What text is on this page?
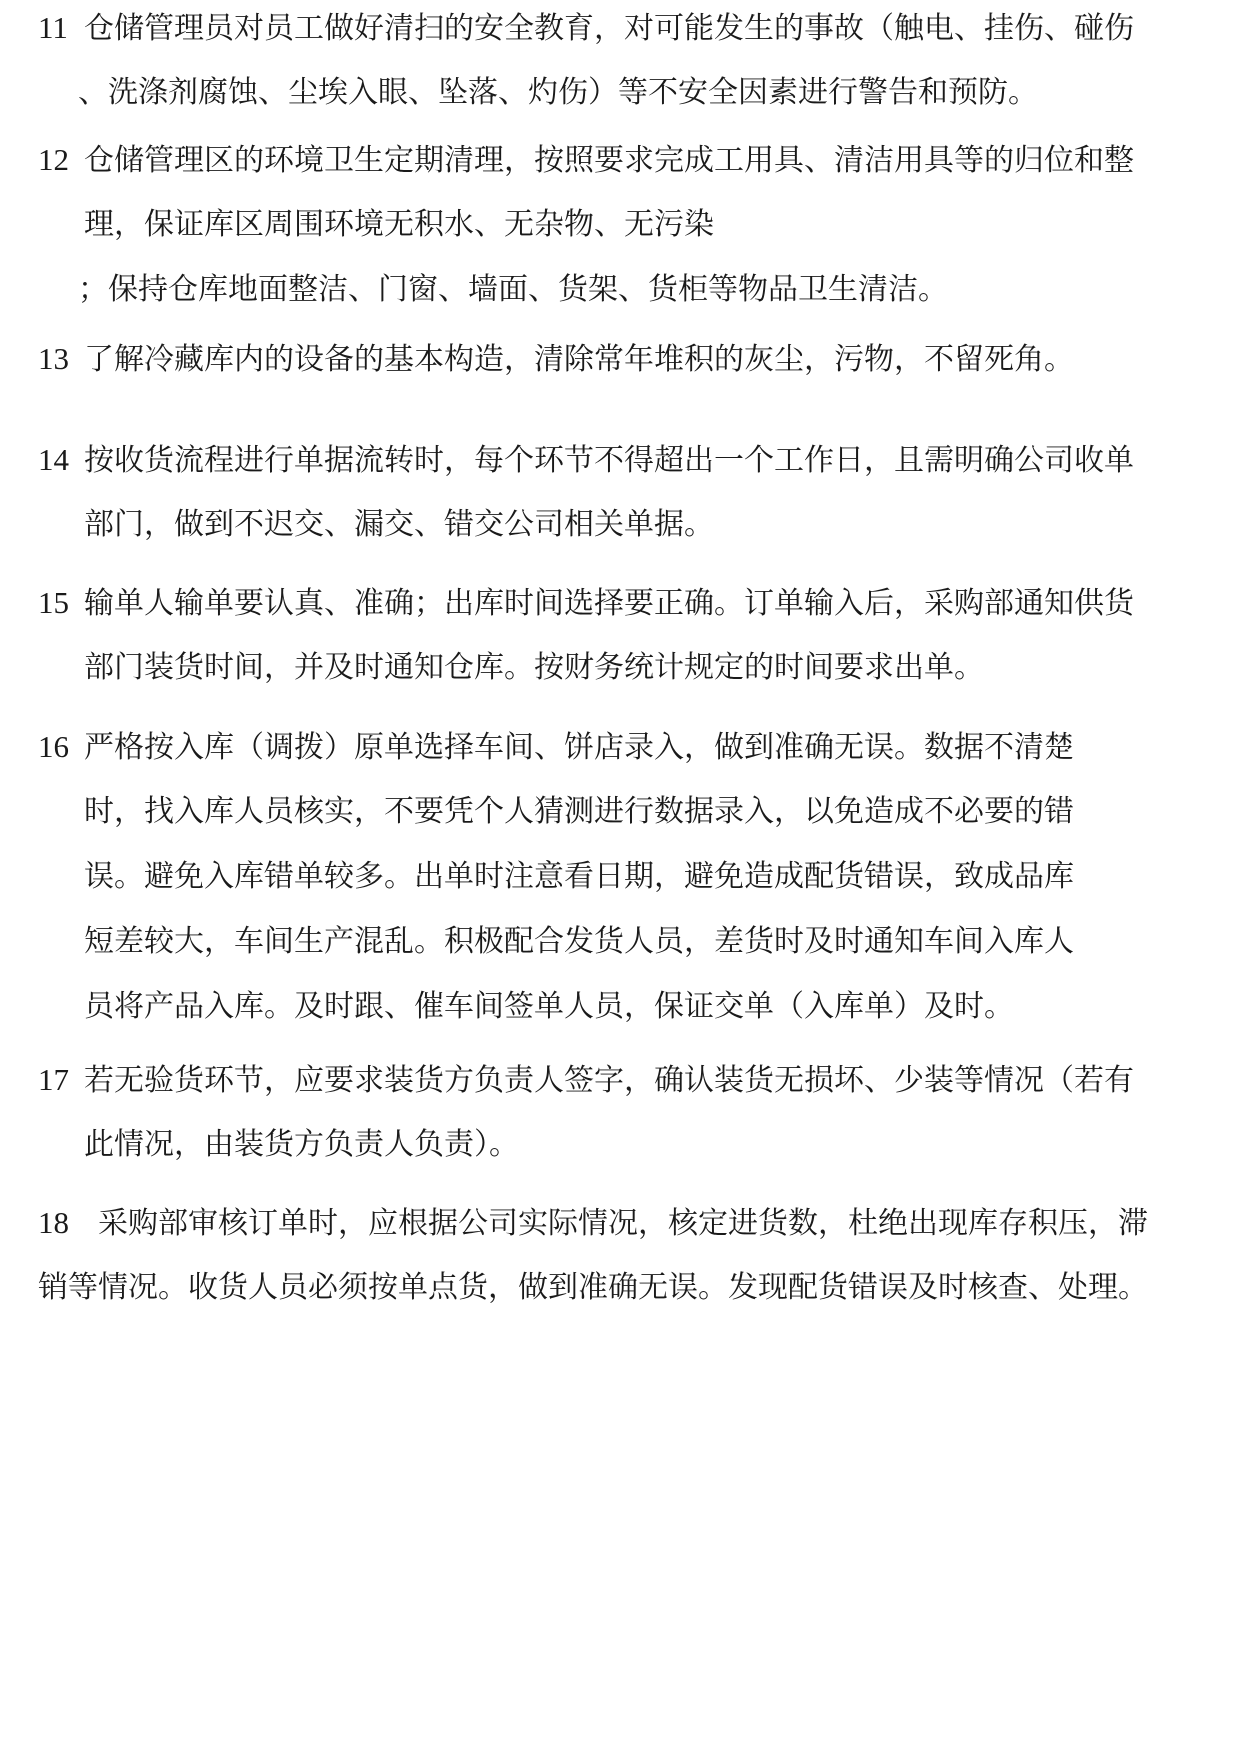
11 仓储管理员对员工做好清扫的安全教育，对可能发生的事故（触电、挂伤、碰伤
、洗涤剂腐蚀、尘埃入眼、坠落、灼伤）等不安全因素进行警告和预防。
12 仓储管理区的环境卫生定期清理，按照要求完成工用具、清洁用具等的归位和整
理，保证库区周围环境无积水、无杂物、无污染
；保持仓库地面整洁、门窗、墙面、货架、货柜等物品卫生清洁。
13 了解冷藏库内的设备的基本构造，清除常年堆积的灰尘，污物，不留死角。
14 按收货流程进行单据流转时，每个环节不得超出一个工作日，且需明确公司收单
部门，做到不迟交、漏交、错交公司相关单据。
15 输单人输单要认真、准确；出库时间选择要正确。订单输入后，采购部通知供货
部门装货时间，并及时通知仓库。按财务统计规定的时间要求出单。
16 严格按入库（调拨）原单选择车间、饼店录入，做到准确无误。数据不清楚
时，找入库人员核实，不要凭个人猜测进行数据录入，以免造成不必要的错
误。避免入库错单较多。出单时注意看日期，避免造成配货错误，致成品库
短差较大，车间生产混乱。积极配合发货人员，差货时及时通知车间入库人
员将产品入库。及时跟、催车间签单人员，保证交单（入库单）及时。
17 若无验货环节，应要求装货方负责人签字，确认装货无损坏、少装等情况（若有
此情况，由装货方负责人负责）。
18 采购部审核订单时，应根据公司实际情况，核定进货数，杜绝出现库存积压，滞
销等情况。收货人员必须按单点货，做到准确无误。发现配货错误及时核查、处理。
